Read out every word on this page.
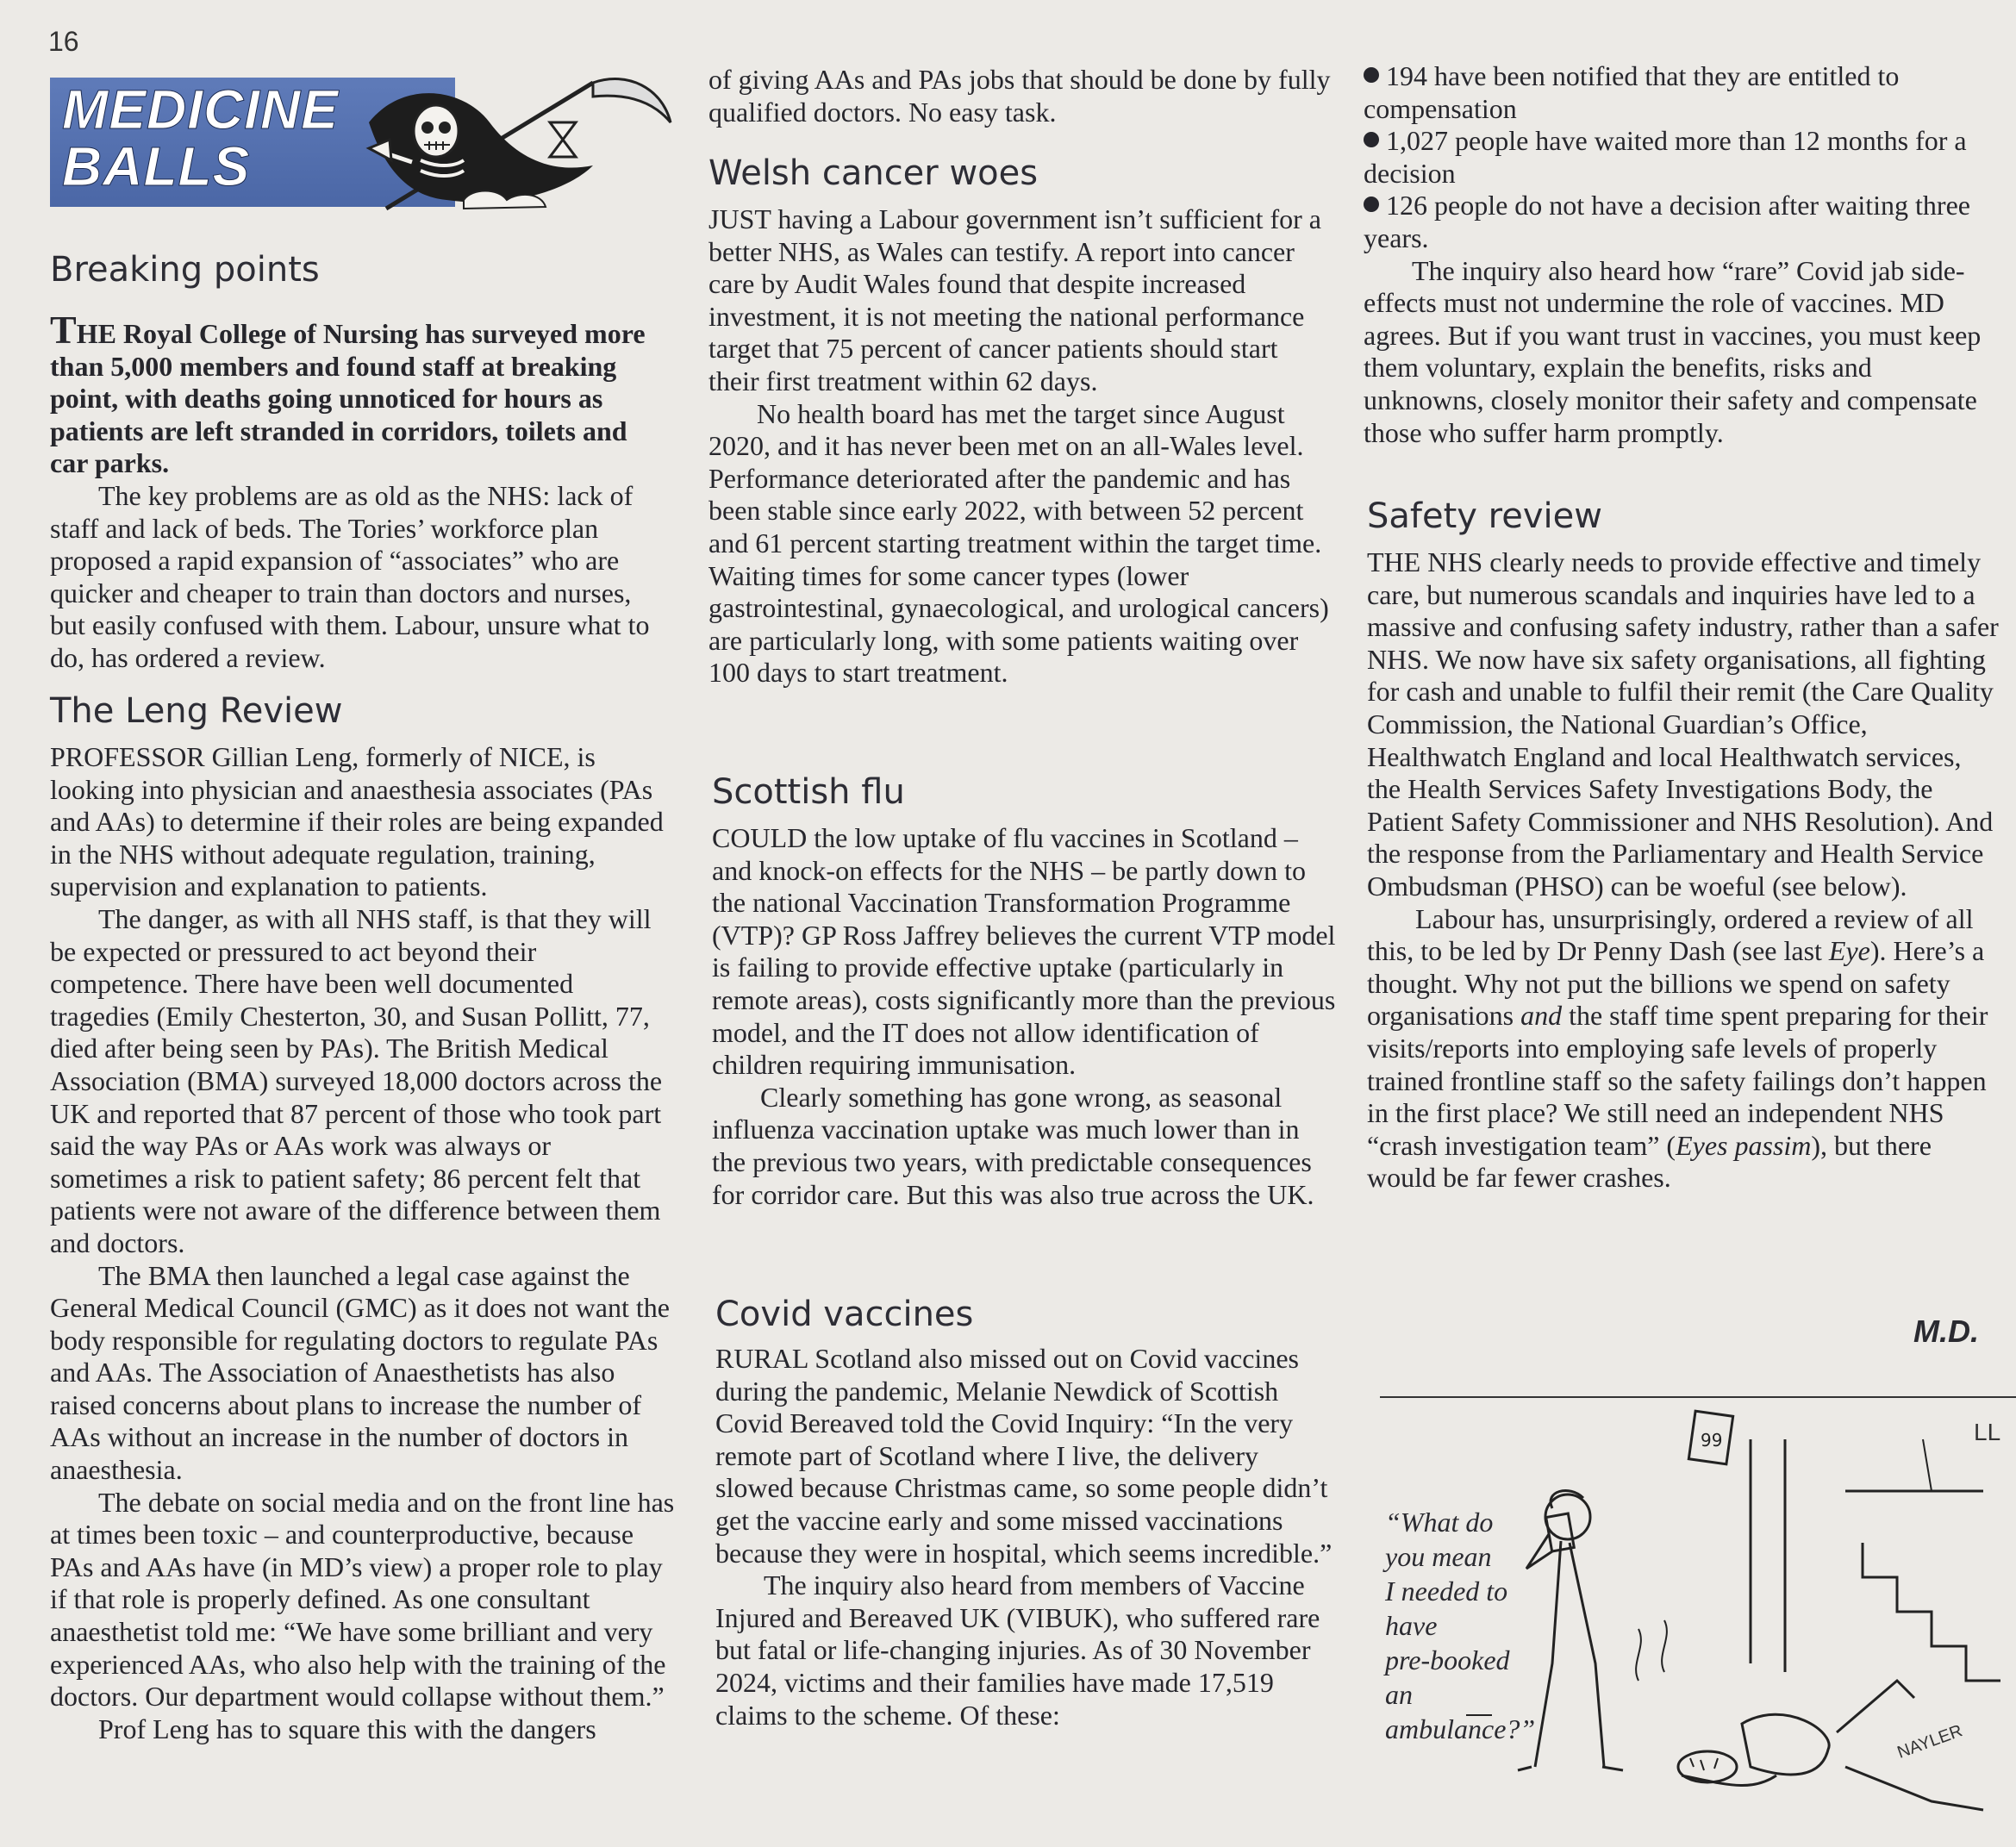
16
MEDICINE
BALLS
Breaking points

THE Royal College of Nursing has surveyed more than 5,000 members and found staff at breaking point, with deaths going unnoticed for hours as patients are left stranded in corridors, toilets and car parks.

The key problems are as old as the NHS: lack of staff and lack of beds. The Tories’ workforce plan proposed a rapid expansion of “associates” who are quicker and cheaper to train than doctors and nurses, but easily confused with them. Labour, unsure what to do, has ordered a review.

The Leng Review

PROFESSOR Gillian Leng, formerly of NICE, is looking into physician and anaesthesia associates (PAs and AAs) to determine if their roles are being expanded in the NHS without adequate regulation, training, supervision and explanation to patients.

The danger, as with all NHS staff, is that they will be expected or pressured to act beyond their competence. There have been well documented tragedies (Emily Chesterton, 30, and Susan Pollitt, 77, died after being seen by PAs). The British Medical Association (BMA) surveyed 18,000 doctors across the UK and reported that 87 percent of those who took part said the way PAs or AAs work was always or sometimes a risk to patient safety; 86 percent felt that patients were not aware of the difference between them and doctors.

The BMA then launched a legal case against the General Medical Council (GMC) as it does not want the body responsible for regulating doctors to regulate PAs and AAs. The Association of Anaesthetists has also raised concerns about plans to increase the number of AAs without an increase in the number of doctors in anaesthesia.

The debate on social media and on the front line has at times been toxic – and counterproductive, because PAs and AAs have (in MD’s view) a proper role to play if that role is properly defined. As one consultant anaesthetist told me: “We have some brilliant and very experienced AAs, who also help with the training of the doctors. Our department would collapse without them.”

Prof Leng has to square this with the dangers

of giving AAs and PAs jobs that should be done by fully qualified doctors. No easy task.

Welsh cancer woes

JUST having a Labour government isn’t sufficient for a better NHS, as Wales can testify. A report into cancer care by Audit Wales found that despite increased investment, it is not meeting the national performance target that 75 percent of cancer patients should start their first treatment within 62 days.

No health board has met the target since August 2020, and it has never been met on an all-Wales level. Performance deteriorated after the pandemic and has been stable since early 2022, with between 52 percent and 61 percent starting treatment within the target time. Waiting times for some cancer types (lower gastrointestinal, gynaecological, and urological cancers) are particularly long, with some patients waiting over 100 days to start treatment.

Scottish flu

COULD the low uptake of flu vaccines in Scotland – and knock-on effects for the NHS – be partly down to the national Vaccination Transformation Programme (VTP)? GP Ross Jaffrey believes the current VTP model is failing to provide effective uptake (particularly in remote areas), costs significantly more than the previous model, and the IT does not allow identification of children requiring immunisation.

Clearly something has gone wrong, as seasonal influenza vaccination uptake was much lower than in the previous two years, with predictable consequences for corridor care. But this was also true across the UK.

Covid vaccines

RURAL Scotland also missed out on Covid vaccines during the pandemic, Melanie Newdick of Scottish Covid Bereaved told the Covid Inquiry: “In the very remote part of Scotland where I live, the delivery slowed because Christmas came, so some people didn’t get the vaccine early and some missed vaccinations because they were in hospital, which seems incredible.”

The inquiry also heard from members of Vaccine Injured and Bereaved UK (VIBUK), who suffered rare but fatal or life-changing injuries. As of 30 November 2024, victims and their families have made 17,519 claims to the scheme. Of these:

194 have been notified that they are entitled to compensation

1,027 people have waited more than 12 months for a decision

126 people do not have a decision after waiting three years.

The inquiry also heard how “rare” Covid jab side-effects must not undermine the role of vaccines. MD agrees. But if you want trust in vaccines, you must keep them voluntary, explain the benefits, risks and unknowns, closely monitor their safety and compensate those who suffer harm promptly.

Safety review

THE NHS clearly needs to provide effective and timely care, but numerous scandals and inquiries have led to a massive and confusing safety industry, rather than a safer NHS. We now have six safety organisations, all fighting for cash and unable to fulfil their remit (the Care Quality Commission, the National Guardian’s Office, Healthwatch England and local Healthwatch services, the Health Services Safety Investigations Body, the Patient Safety Commissioner and NHS Resolution). And the response from the Parliamentary and Health Service Ombudsman (PHSO) can be woeful (see below).

Labour has, unsurprisingly, ordered a review of all this, to be led by Dr Penny Dash (see last Eye). Here’s a thought. Why not put the billions we spend on safety organisations and the staff time spent preparing for their visits/reports into employing safe levels of properly trained frontline staff so the safety failings don’t happen in the first place? We still need an independent NHS “crash investigation team” (Eyes passim), but there would be far fewer crashes.

M.D.
99

“What do

you mean

I needed to

have

pre-booked

an

ambulance?”	NAYLER
LL
